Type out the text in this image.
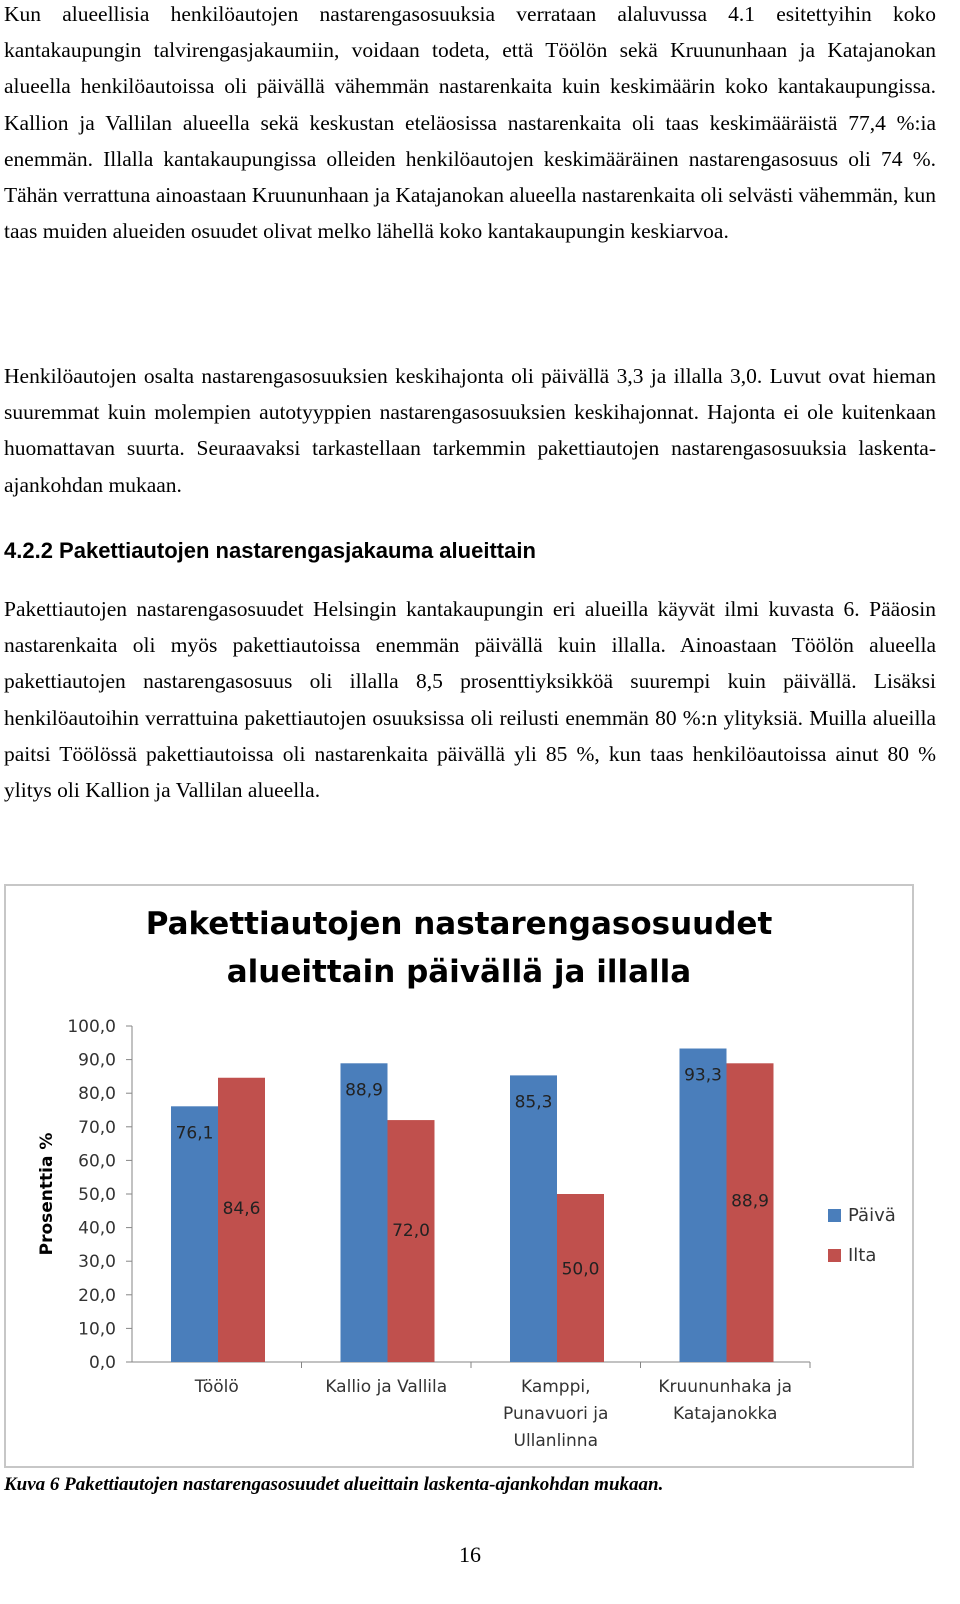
Kun alueellisia henkilöautojen nastarengasosuuksia verrataan alaluvussa 4.1 esitettyihin koko kantakaupungin talvirengasjakaumiin, voidaan todeta, että Töölön sekä Kruununhaan ja Katajanokan alueella henkilöautoissa oli päivällä vähemmän nastarenkaita kuin keskimäärin koko kantakaupungissa. Kallion ja Vallilan alueella sekä keskustan eteläosissa nastarenkaita oli taas keskimääräistä 77,4 %:ia enemmän. Illalla kantakaupungissa olleiden henkilöautojen keskimääräinen nastarengasosuus oli 74 %. Tähän verrattuna ainoastaan Kruununhaan ja Katajanokan alueella nastarenkaita oli selvästi vähemmän, kun taas muiden alueiden osuudet olivat melko lähellä koko kantakaupungin keskiarvoa.

Henkilöautojen osalta nastarengasosuuksien keskihajonta oli päivällä 3,3 ja illalla 3,0. Luvut ovat hieman suuremmat kuin molempien autotyyppien nastarengasosuuksien keskihajonnat. Hajonta ei ole kuitenkaan huomattavan suurta. Seuraavaksi tarkastellaan tarkemmin pakettiautojen nastarengasosuuksia laskenta-ajankohdan mukaan.

4.2.2 Pakettiautojen nastarengasjakauma alueittain

Pakettiautojen nastarengasosuudet Helsingin kantakaupungin eri alueilla käyvät ilmi kuvasta 6. Pääosin nastarenkaita oli myös pakettiautoissa enemmän päivällä kuin illalla. Ainoastaan Töölön alueella pakettiautojen nastarengasosuus oli illalla 8,5 prosenttiyksikköä suurempi kuin päivällä. Lisäksi henkilöautoihin verrattuina pakettiautojen osuuksissa oli reilusti enemmän 80 %:n ylityksiä. Muilla alueilla paitsi Töölössä pakettiautoissa oli nastarenkaita päivällä yli 85 %, kun taas henkilöautoissa ainut 80 % ylitys oli Kallion ja Vallilan alueella.

Pakettiautojen nastarengasosuudet
alueittain päivällä ja illalla
Prosenttia %
0,0
10,0
20,0
30,0
40,0
50,0
60,0
70,0
80,0
90,0
100,0
76,1
84,6
88,9
72,0
85,3
50,0
93,3
88,9
Töölö	Kallio ja Vallila	Kamppi,
Punavuori ja
Ullanlinna
Kruununhaka ja
Katajanokka
Päivä
Ilta

Kuva 6 Pakettiautojen nastarengasosuudet alueittain laskenta-ajankohdan mukaan.

16
